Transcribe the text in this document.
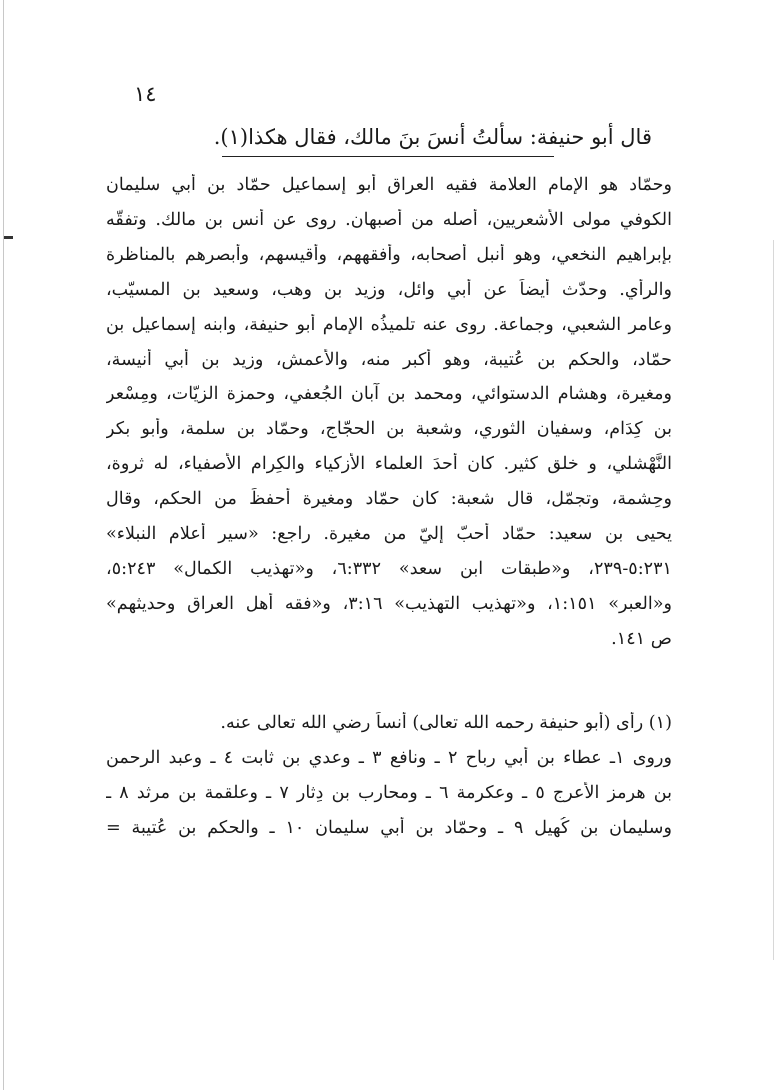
١٤
قال أبو حنيفة: سألتُ أنسَ بنَ مالك، فقال هكذا(١).
وحمّاد هو الإمام العلامة فقيه العراق أبو إسماعيل حمّاد بن أبي سليمان
الكوفي مولى الأشعريين، أصله من أصبهان. روى عن أنس بن مالك. وتفقّه
بإبراهيم النخعي، وهو أنبل أصحابه، وأفقههم، وأقيسهم، وأبصرهم بالمناظرة
والرأي. وحدّث أيضاً عن أبي وائل، وزيد بن وهب، وسعيد بن المسيّب،
وعامر الشعبي، وجماعة. روى عنه تلميذُه الإمام أبو حنيفة، وابنه إسماعيل بن
حمّاد، والحكم بن عُتيبة، وهو أكبر منه، والأعمش، وزيد بن أبي أُنيسة،
ومغيرة، وهشام الدستوائي، ومحمد بن آبان الجُعفي، وحمزة الزيّات، ومِسْعر
بن كِدَام، وسفيان الثوري، وشعبة بن الحجّاج، وحمّاد بن سلمة، وأبو بكر
النَّهْشلي، و خلق كثير. كان أحدَ العلماء الأزكياء والكِرام الأصفياء، له ثروة،
وحِشمة، وتجمّل، قال شعبة: كان حمّاد ومغيرة أحفظَ من الحكم، وقال
يحيى بن سعيد: حمّاد أحبّ إليّ من مغيرة. راجع: «سير أعلام النبلاء»
٥:٢٣١-٢٣٩، و«طبقات ابن سعد» ٦:٣٣٢، و«تهذيب الكمال» ٥:٢٤٣،
و«العبر» ١:١٥١، و«تهذيب التهذيب» ٣:١٦، و«فقه أهل العراق وحديثهم»
ص ١٤١.
(١) رأى (أبو حنيفة رحمه الله تعالى) أنساً رضي الله تعالى عنه.
وروى ١ـ عطاء بن أبي رباح ٢ ـ ونافع ٣ ـ وعدي بن ثابت ٤ ـ وعبد الرحمن
بن هرمز الأعرج ٥ ـ وعكرمة ٦ ـ ومحارب بن دِثار ٧ ـ وعلقمة بن مرثد ٨ ـ
وسليمان بن كُهيل ٩ ـ وحمّاد بن أبي سليمان ١٠ ـ والحكم بن عُتيبة =
